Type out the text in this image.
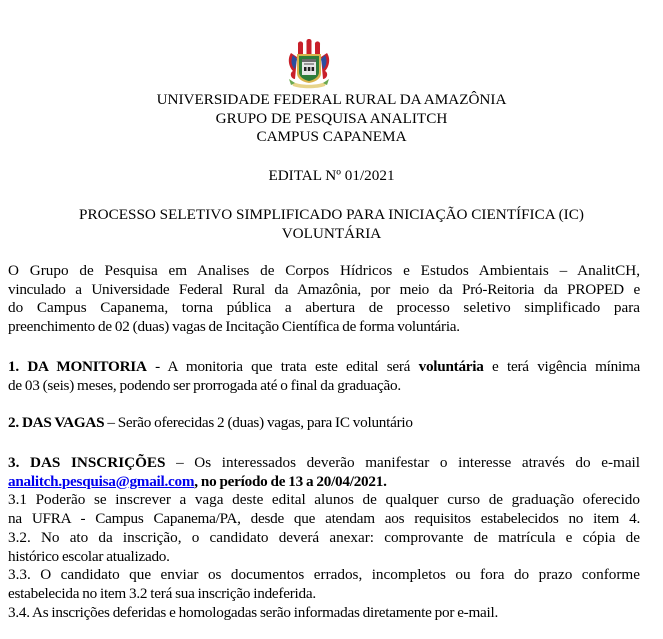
UNIVERSIDADE FEDERAL RURAL DA AMAZÔNIA
GRUPO DE PESQUISA ANALITCH
CAMPUS CAPANEMA
EDITAL Nº 01/2021
PROCESSO SELETIVO SIMPLIFICADO PARA INICIAÇÃO CIENTÍFICA (IC)
VOLUNTÁRIA

O Grupo de Pesquisa em Analises de Corpos Hídricos e Estudos Ambientais – AnalitCH,

vinculado a Universidade Federal Rural da Amazônia, por meio da Pró-Reitoria da PROPED e

do Campus Capanema, torna pública a abertura de processo seletivo simplificado para

preenchimento de 02 (duas) vagas de Incitação Científica de forma voluntária.

1. DA MONITORIA - A monitoria que trata este edital será voluntária e terá vigência mínima

de 03 (seis) meses, podendo ser prorrogada até o final da graduação.

2. DAS VAGAS – Serão oferecidas 2 (duas) vagas, para IC voluntário

3. DAS INSCRIÇÕES – Os interessados deverão manifestar o interesse através do e-mail

analitch.pesquisa@gmail.com, no período de 13 a 20/04/2021.

3.1 Poderão se inscrever a vaga deste edital alunos de qualquer curso de graduação oferecido

na UFRA - Campus Capanema/PA, desde que atendam aos requisitos estabelecidos no item 4.

3.2. No ato da inscrição, o candidato deverá anexar: comprovante de matrícula e cópia de

histórico escolar atualizado.

3.3. O candidato que enviar os documentos errados, incompletos ou fora do prazo conforme

estabelecida no item 3.2 terá sua inscrição indeferida.

3.4. As inscrições deferidas e homologadas serão informadas diretamente por e-mail.
